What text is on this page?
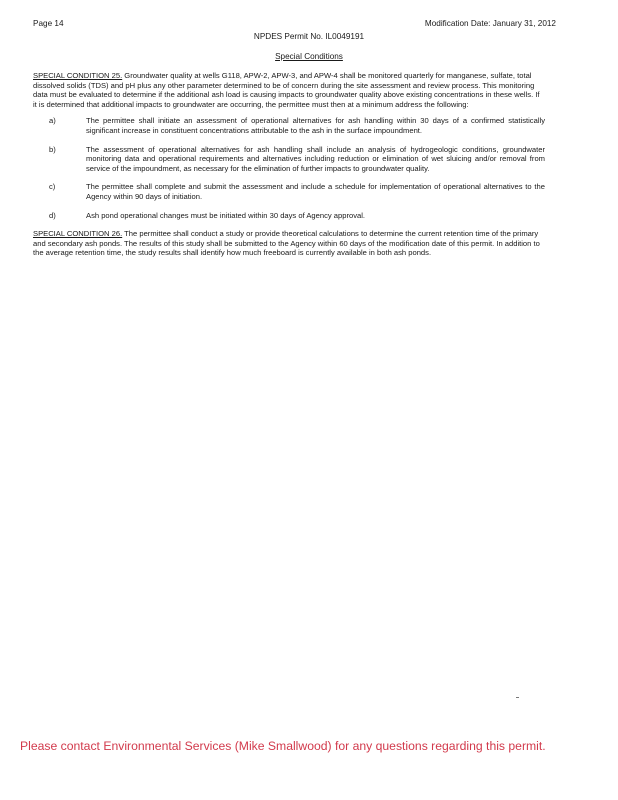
Page 14	Modification Date: January 31, 2012
NPDES Permit No. IL0049191
Special Conditions

SPECIAL CONDITION 25. Groundwater quality at wells G118, APW-2, APW-3, and APW-4 shall be monitored quarterly for manganese, sulfate, total dissolved solids (TDS) and pH plus any other parameter determined to be of concern during the site assessment and review process. This monitoring data must be evaluated to determine if the additional ash load is causing impacts to groundwater quality above existing concentrations in these wells. If it is determined that additional impacts to groundwater are occurring, the permittee must then at a minimum address the following:

a)	The permittee shall initiate an assessment of operational alternatives for ash handling within 30 days of a confirmed statistically significant increase in constituent concentrations attributable to the ash in the surface impoundment.
b)	The assessment of operational alternatives for ash handling shall include an analysis of hydrogeologic conditions, groundwater monitoring data and operational requirements and alternatives including reduction or elimination of wet sluicing and/or removal from service of the impoundment, as necessary for the elimination of further impacts to groundwater quality.
c)	The permittee shall complete and submit the assessment and include a schedule for implementation of operational alternatives to the Agency within 90 days of initiation.
d)	Ash pond operational changes must be initiated within 30 days of Agency approval.

SPECIAL CONDITION 26. The permittee shall conduct a study or provide theoretical calculations to determine the current retention time of the primary and secondary ash ponds. The results of this study shall be submitted to the Agency within 60 days of the modification date of this permit. In addition to the average retention time, the study results shall identify how much freeboard is currently available in both ash ponds.

Please contact Environmental Services (Mike Smallwood) for any questions regarding this permit.
